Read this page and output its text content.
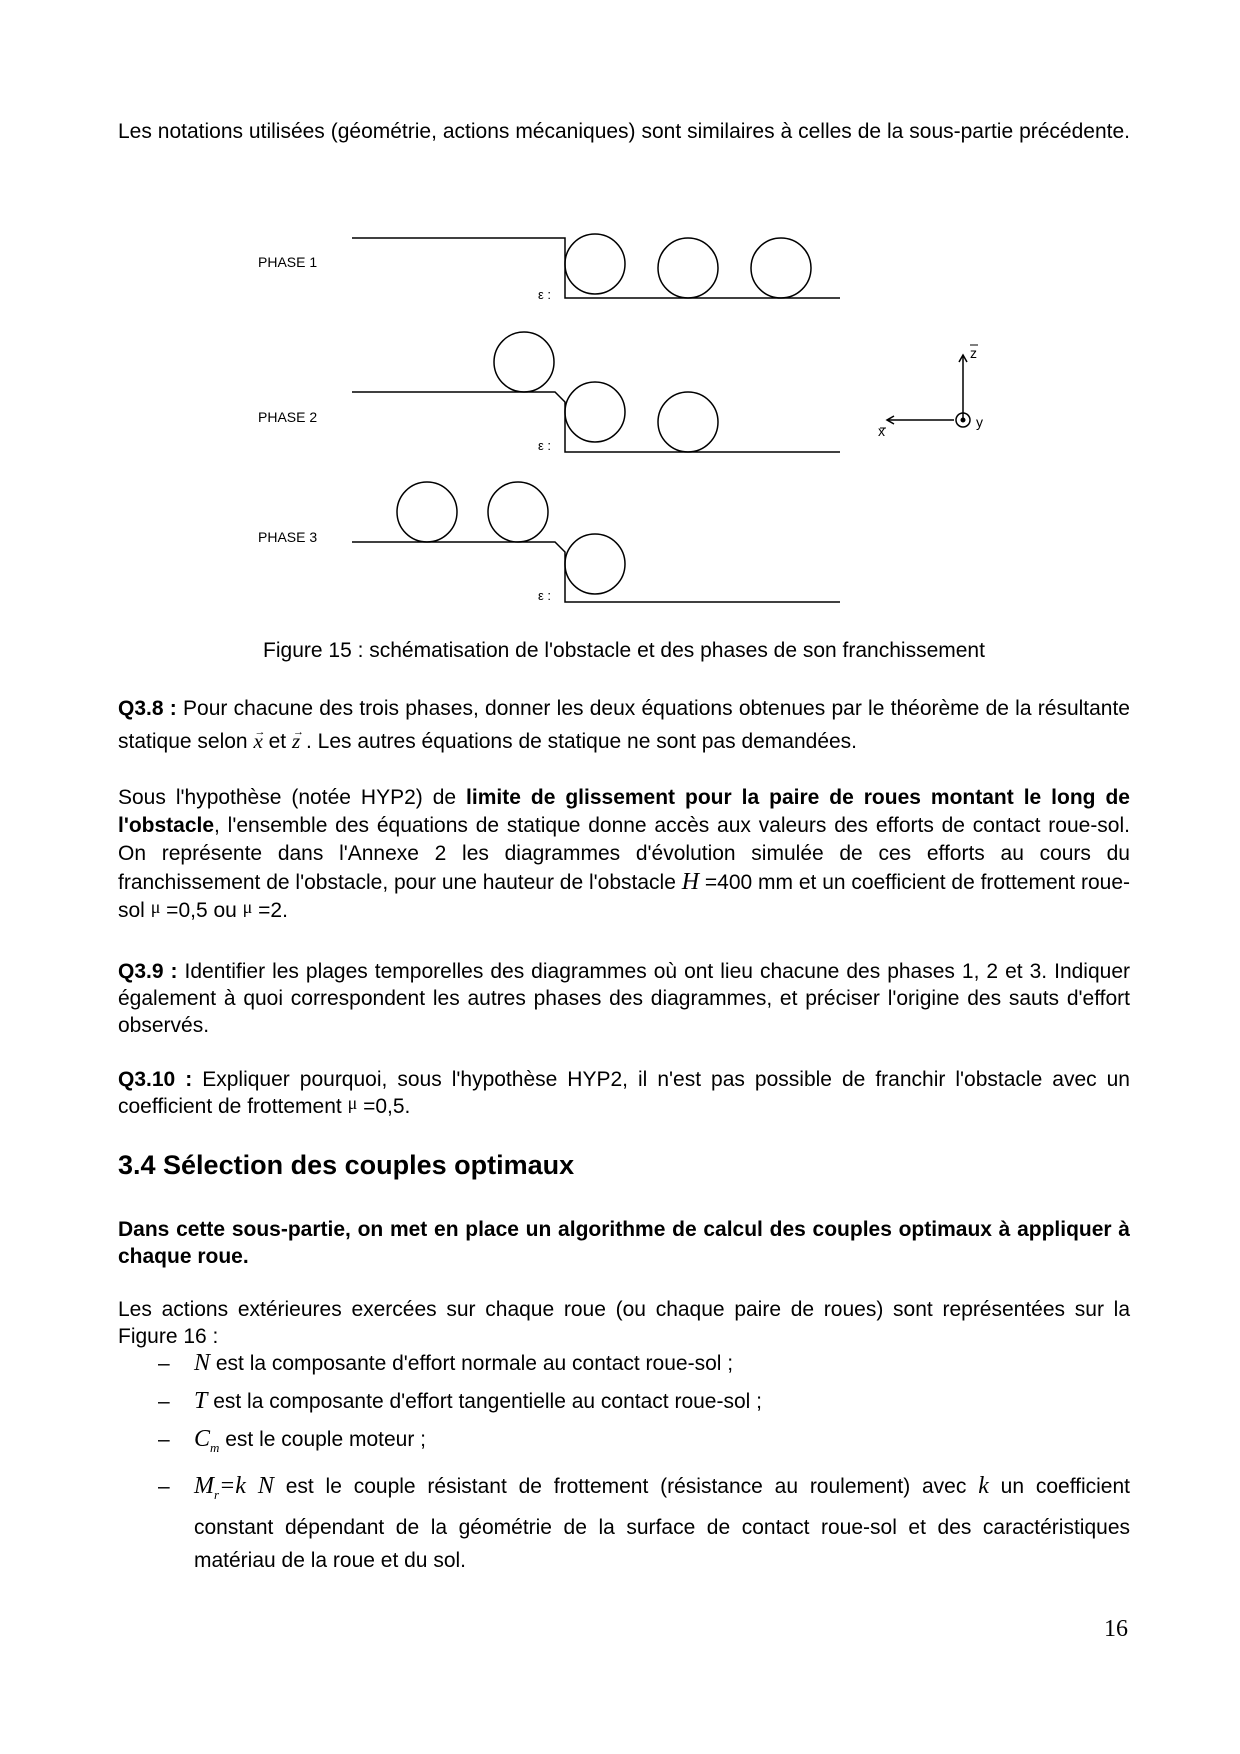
Les notations utilisées (géométrie, actions mécaniques) sont similaires à celles de la sous-partie précédente.
PHASE 1
PHASE 2
PHASE 3
ε :
ε :
ε :
z
x
y
Figure 15 : schématisation de l'obstacle et des phases de son franchissement
Q3.8 : Pour chacune des trois phases, donner les deux équations obtenues par le théorème de la résultante statique selon → x et → z . Les autres équations de statique ne sont pas demandées.
Sous l'hypothèse (notée HYP2) de limite de glissement pour la paire de roues montant le long de l'obstacle, l'ensemble des équations de statique donne accès aux valeurs des efforts de contact roue-sol. On représente dans l'Annexe 2 les diagrammes d'évolution simulée de ces efforts au cours du franchissement de l'obstacle, pour une hauteur de l'obstacle H =400 mm et un coefficient de frottement roue-sol μ =0,5 ou μ =2.
Q3.9 : Identifier les plages temporelles des diagrammes où ont lieu chacune des phases 1, 2 et 3. Indiquer également à quoi correspondent les autres phases des diagrammes, et préciser l'origine des sauts d'effort observés.
Q3.10 : Expliquer pourquoi, sous l'hypothèse HYP2, il n'est pas possible de franchir l'obstacle avec un coefficient de frottement μ =0,5.
3.4 Sélection des couples optimaux
Dans cette sous-partie, on met en place un algorithme de calcul des couples optimaux à appliquer à chaque roue.
Les actions extérieures exercées sur chaque roue (ou chaque paire de roues) sont représentées sur la Figure 16 :
– N est la composante d'effort normale au contact roue-sol ;
– T est la composante d'effort tangentielle au contact roue-sol ;
– $C_m$ est le couple moteur ;
– $M_r=k$ N est le couple résistant de frottement (résistance au roulement) avec k un coefficient constant dépendant de la géométrie de la surface de contact roue-sol et des caractéristiques matériau de la roue et du sol.
16
